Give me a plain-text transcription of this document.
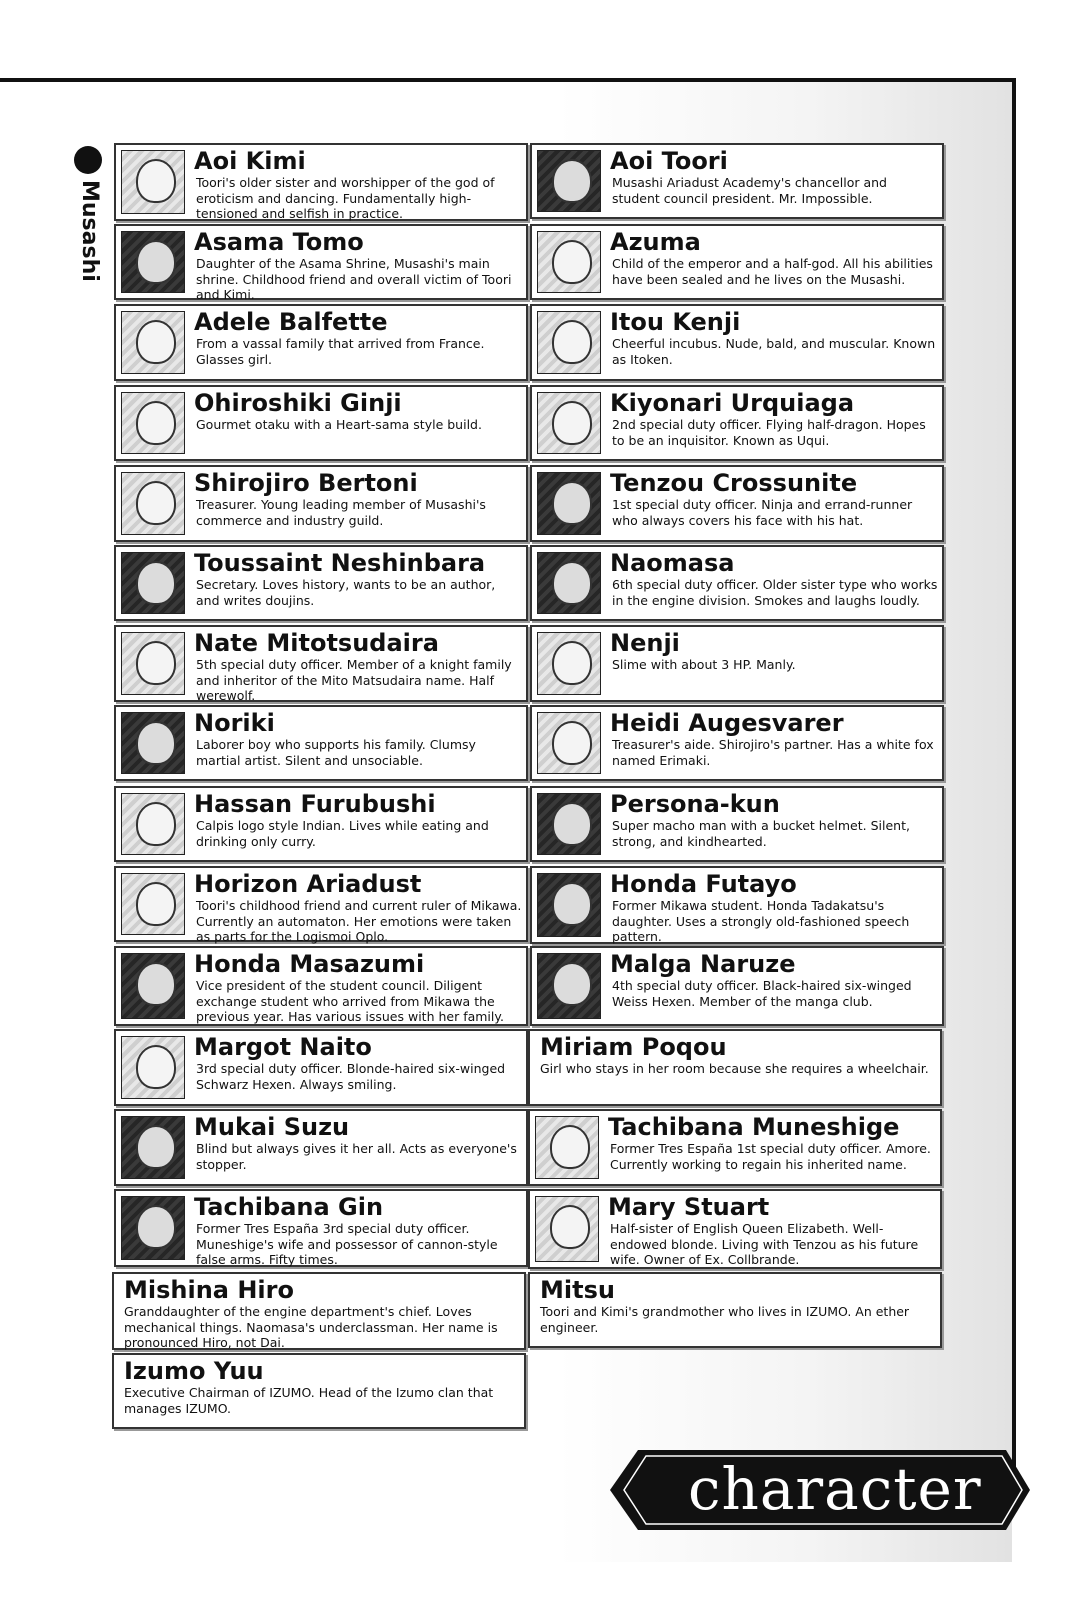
Musashi
Aoi Kimi
Toori's older sister and worshipper of the god of eroticism and dancing. Fundamentally high-tensioned and selfish in practice.
Asama Tomo
Daughter of the Asama Shrine, Musashi's main shrine. Childhood friend and overall victim of Toori and Kimi.
Adele Balfette
From a vassal family that arrived from France. Glasses girl.
Ohiroshiki Ginji
Gourmet otaku with a Heart-sama style build.
Shirojiro Bertoni
Treasurer. Young leading member of Musashi's commerce and industry guild.
Toussaint Neshinbara
Secretary. Loves history, wants to be an author, and writes doujins.
Nate Mitotsudaira
5th special duty officer. Member of a knight family and inheritor of the Mito Matsudaira name. Half werewolf.
Noriki
Laborer boy who supports his family. Clumsy martial artist. Silent and unsociable.
Hassan Furubushi
Calpis logo style Indian. Lives while eating and drinking only curry.
Horizon Ariadust
Toori's childhood friend and current ruler of Mikawa. Currently an automaton. Her emotions were taken as parts for the Logismoi Oplo.
Honda Masazumi
Vice president of the student council. Diligent exchange student who arrived from Mikawa the previous year. Has various issues with her family.
Margot Naito
3rd special duty officer. Blonde-haired six-winged Schwarz Hexen. Always smiling.
Mukai Suzu
Blind but always gives it her all. Acts as everyone's stopper.
Tachibana Gin
Former Tres España 3rd special duty officer. Muneshige's wife and possessor of cannon-style false arms. Fifty times.
Mishina Hiro
Granddaughter of the engine department's chief. Loves mechanical things. Naomasa's underclassman. Her name is pronounced Hiro, not Dai.
Izumo Yuu
Executive Chairman of IZUMO. Head of the Izumo clan that manages IZUMO.
Aoi Toori
Musashi Ariadust Academy's chancellor and student council president. Mr. Impossible.
Azuma
Child of the emperor and a half-god. All his abilities have been sealed and he lives on the Musashi.
Itou Kenji
Cheerful incubus. Nude, bald, and muscular. Known as Itoken.
Kiyonari Urquiaga
2nd special duty officer. Flying half-dragon. Hopes to be an inquisitor. Known as Uqui.
Tenzou Crossunite
1st special duty officer. Ninja and errand-runner who always covers his face with his hat.
Naomasa
6th special duty officer. Older sister type who works in the engine division. Smokes and laughs loudly.
Nenji
Slime with about 3 HP. Manly.
Heidi Augesvarer
Treasurer's aide. Shirojiro's partner. Has a white fox named Erimaki.
Persona-kun
Super macho man with a bucket helmet. Silent, strong, and kindhearted.
Honda Futayo
Former Mikawa student. Honda Tadakatsu's daughter. Uses a strongly old-fashioned speech pattern.
Malga Naruze
4th special duty officer. Black-haired six-winged Weiss Hexen. Member of the manga club.
Miriam Poqou
Girl who stays in her room because she requires a wheelchair.
Tachibana Muneshige
Former Tres España 1st special duty officer. Amore. Currently working to regain his inherited name.
Mary Stuart
Half-sister of English Queen Elizabeth. Well-endowed blonde. Living with Tenzou as his future wife. Owner of Ex. Collbrande.
Mitsu
Toori and Kimi's grandmother who lives in IZUMO. An ether engineer.
character
